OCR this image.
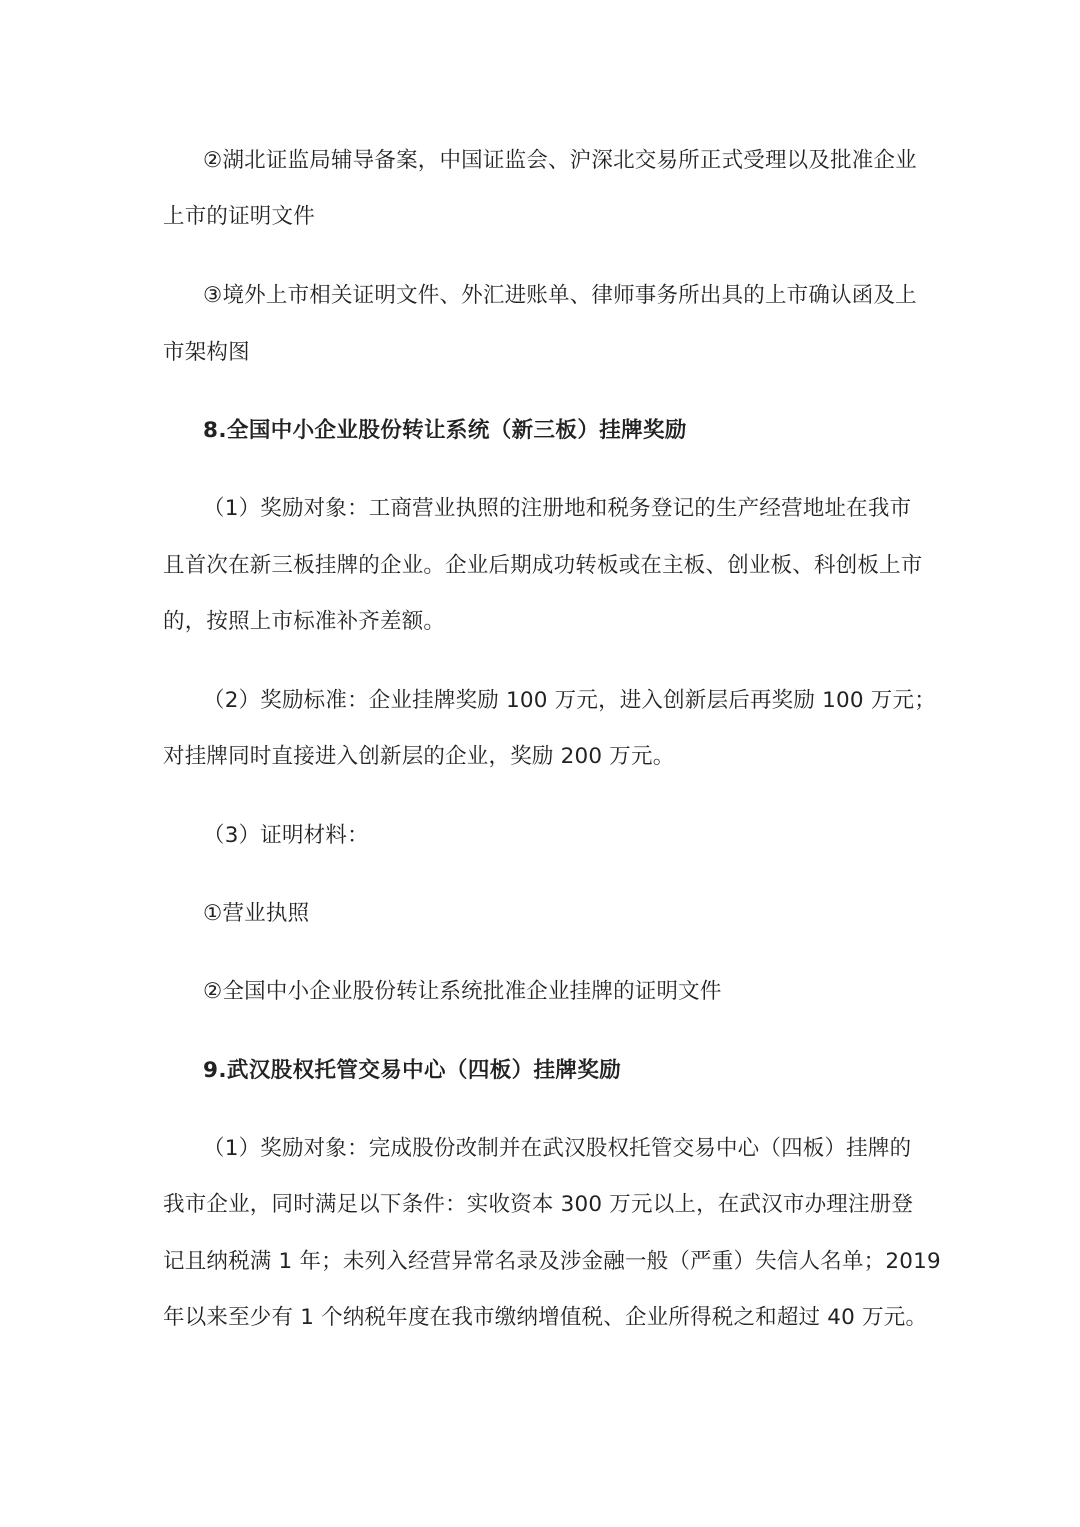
②湖北证监局辅导备案，中国证监会、沪深北交易所正式受理以及批准企业
上市的证明文件
③境外上市相关证明文件、外汇进账单、律师事务所出具的上市确认函及上
市架构图
8.全国中小企业股份转让系统（新三板）挂牌奖励
（1）奖励对象：工商营业执照的注册地和税务登记的生产经营地址在我市
且首次在新三板挂牌的企业。企业后期成功转板或在主板、创业板、科创板上市
的，按照上市标准补齐差额。
（2）奖励标准：企业挂牌奖励 100 万元，进入创新层后再奖励 100 万元；
对挂牌同时直接进入创新层的企业，奖励 200 万元。
（3）证明材料：
①营业执照
②全国中小企业股份转让系统批准企业挂牌的证明文件
9.武汉股权托管交易中心（四板）挂牌奖励
（1）奖励对象：完成股份改制并在武汉股权托管交易中心（四板）挂牌的
我市企业，同时满足以下条件：实收资本 300 万元以上，在武汉市办理注册登
记且纳税满 1 年；未列入经营异常名录及涉金融一般（严重）失信人名单；2019
年以来至少有 1 个纳税年度在我市缴纳增值税、企业所得税之和超过 40 万元。
